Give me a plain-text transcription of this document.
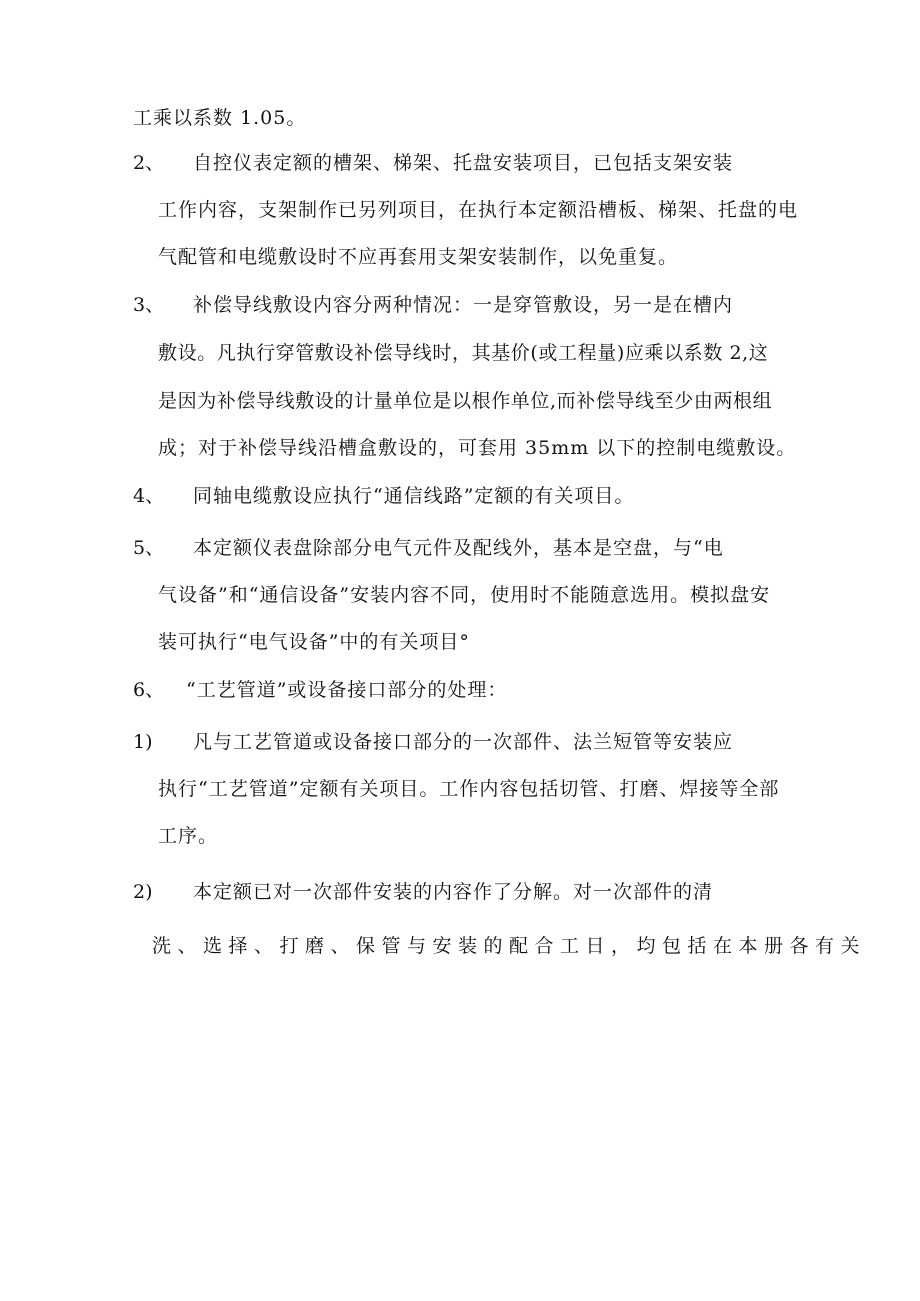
工乘以系数 1.05。
2、 自控仪表定额的槽架、梯架、托盘安装项目，已包括支架安装
工作内容，支架制作已另列项目，在执行本定额沿槽板、梯架、托盘的电
气配管和电缆敷设时不应再套用支架安装制作，以免重复。
3、 补偿导线敷设内容分两种情况：一是穿管敷设，另一是在槽内
敷设。凡执行穿管敷设补偿导线时，其基价(或工程量)应乘以系数 2,这
是因为补偿导线敷设的计量单位是以根作单位,而补偿导线至少由两根组
成；对于补偿导线沿槽盒敷设的，可套用 35mm 以下的控制电缆敷设。
4、 同轴电缆敷设应执行“通信线路”定额的有关项目。
5、 本定额仪表盘除部分电气元件及配线外，基本是空盘，与“电
气设备”和“通信设备”安装内容不同，使用时不能随意选用。模拟盘安
装可执行“电气设备”中的有关项目°
6、 “工艺管道”或设备接口部分的处理：
1) 凡与工艺管道或设备接口部分的一次部件、法兰短管等安装应
执行“工艺管道”定额有关项目。工作内容包括切管、打磨、焊接等全部
工序。
2) 本定额已对一次部件安装的内容作了分解。对一次部件的清
洗、选择、打磨、保管与安装的配合工日，均包括在本册各有关
